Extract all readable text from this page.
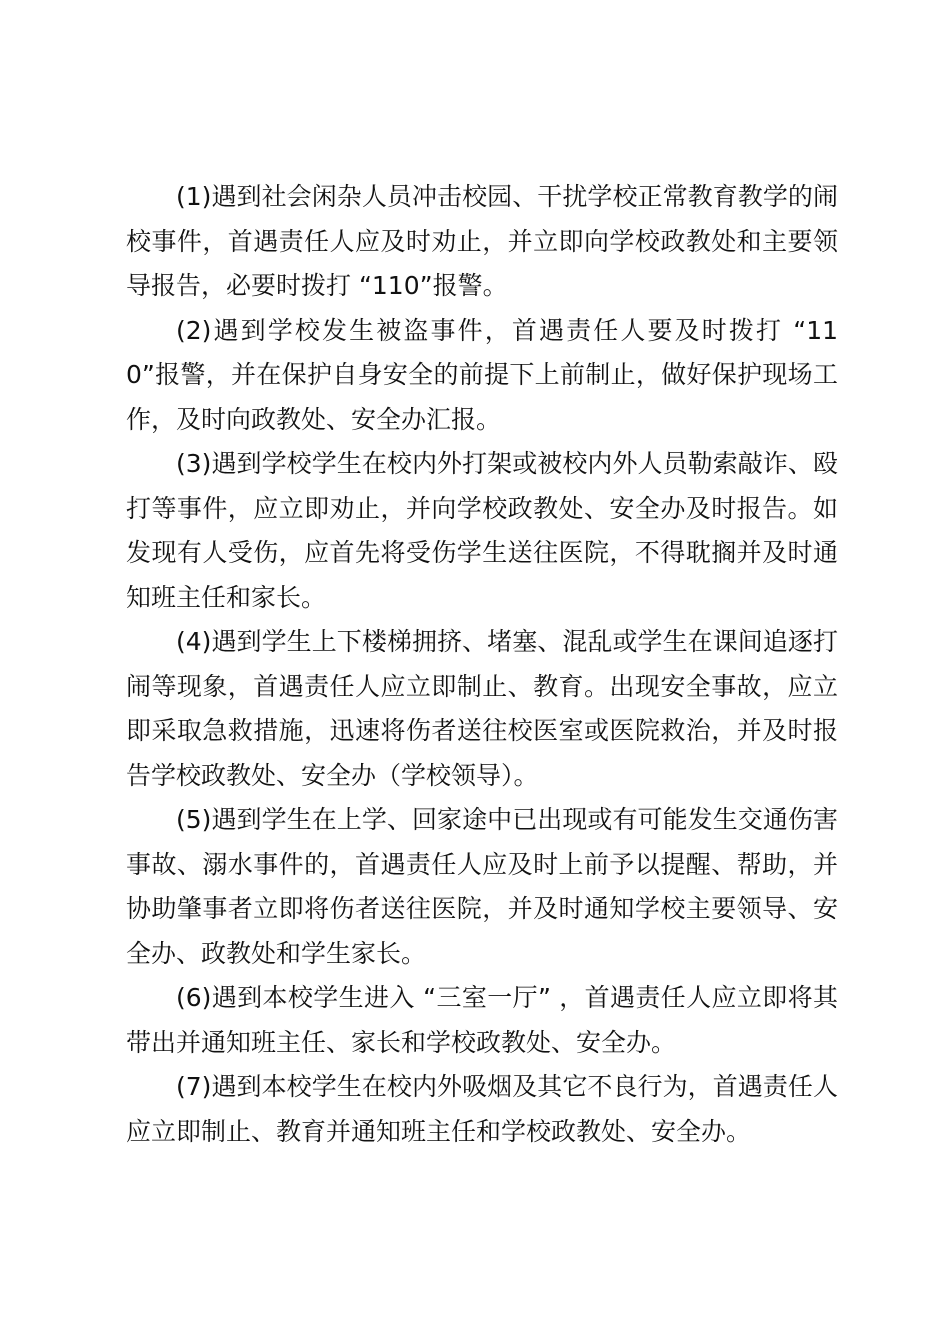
(1)遇到社会闲杂人员冲击校园、干扰学校正常教育教学的闹校事件，首遇责任人应及时劝止，并立即向学校政教处和主要领导报告，必要时拨打 “110”报警。

(2)遇到学校发生被盗事件，首遇责任人要及时拨打 “110”报警，并在保护自身安全的前提下上前制止，做好保护现场工作，及时向政教处、安全办汇报。

(3)遇到学校学生在校内外打架或被校内外人员勒索敲诈、殴打等事件，应立即劝止，并向学校政教处、安全办及时报告。如发现有人受伤，应首先将受伤学生送往医院，不得耽搁并及时通知班主任和家长。

(4)遇到学生上下楼梯拥挤、堵塞、混乱或学生在课间追逐打闹等现象，首遇责任人应立即制止、教育。出现安全事故，应立即采取急救措施，迅速将伤者送往校医室或医院救治，并及时报告学校政教处、安全办（学校领导）。

(5)遇到学生在上学、回家途中已出现或有可能发生交通伤害事故、溺水事件的，首遇责任人应及时上前予以提醒、帮助，并协助肇事者立即将伤者送往医院，并及时通知学校主要领导、安全办、政教处和学生家长。

(6)遇到本校学生进入 “三室一厅” ，首遇责任人应立即将其带出并通知班主任、家长和学校政教处、安全办。

(7)遇到本校学生在校内外吸烟及其它不良行为，首遇责任人应立即制止、教育并通知班主任和学校政教处、安全办。
